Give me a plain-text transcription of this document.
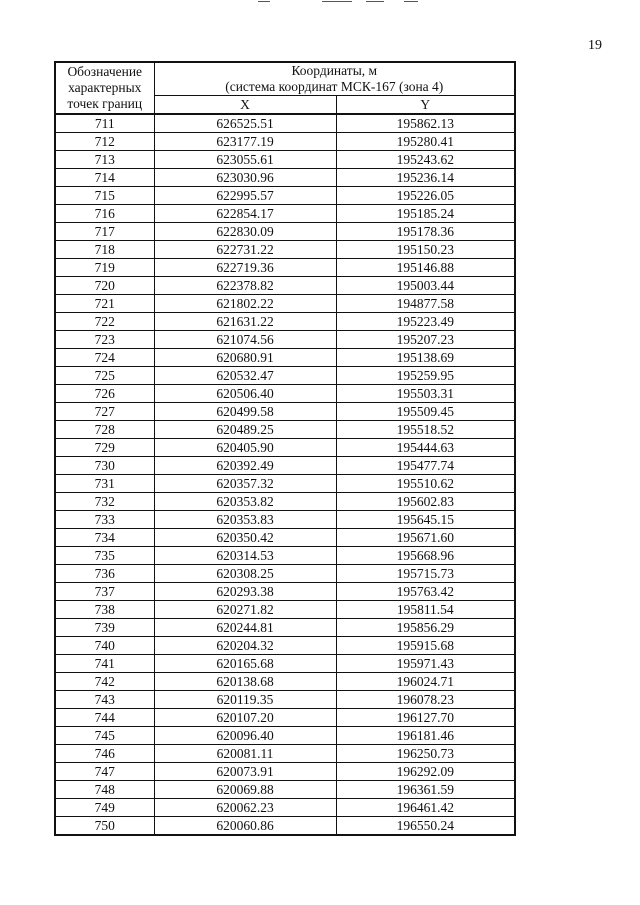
19
Обозначение характерных точек границ	Координаты, м
(система координат МСК-167 (зона 4)	

	X	Y
711	626525.51	195862.13
712	623177.19	195280.41
713	623055.61	195243.62
714	623030.96	195236.14
715	622995.57	195226.05
716	622854.17	195185.24
717	622830.09	195178.36
718	622731.22	195150.23
719	622719.36	195146.88
720	622378.82	195003.44
721	621802.22	194877.58
722	621631.22	195223.49
723	621074.56	195207.23
724	620680.91	195138.69
725	620532.47	195259.95
726	620506.40	195503.31
727	620499.58	195509.45
728	620489.25	195518.52
729	620405.90	195444.63
730	620392.49	195477.74
731	620357.32	195510.62
732	620353.82	195602.83
733	620353.83	195645.15
734	620350.42	195671.60
735	620314.53	195668.96
736	620308.25	195715.73
737	620293.38	195763.42
738	620271.82	195811.54
739	620244.81	195856.29
740	620204.32	195915.68
741	620165.68	195971.43
742	620138.68	196024.71
743	620119.35	196078.23
744	620107.20	196127.70
745	620096.40	196181.46
746	620081.11	196250.73
747	620073.91	196292.09
748	620069.88	196361.59
749	620062.23	196461.42
750	620060.86	196550.24
